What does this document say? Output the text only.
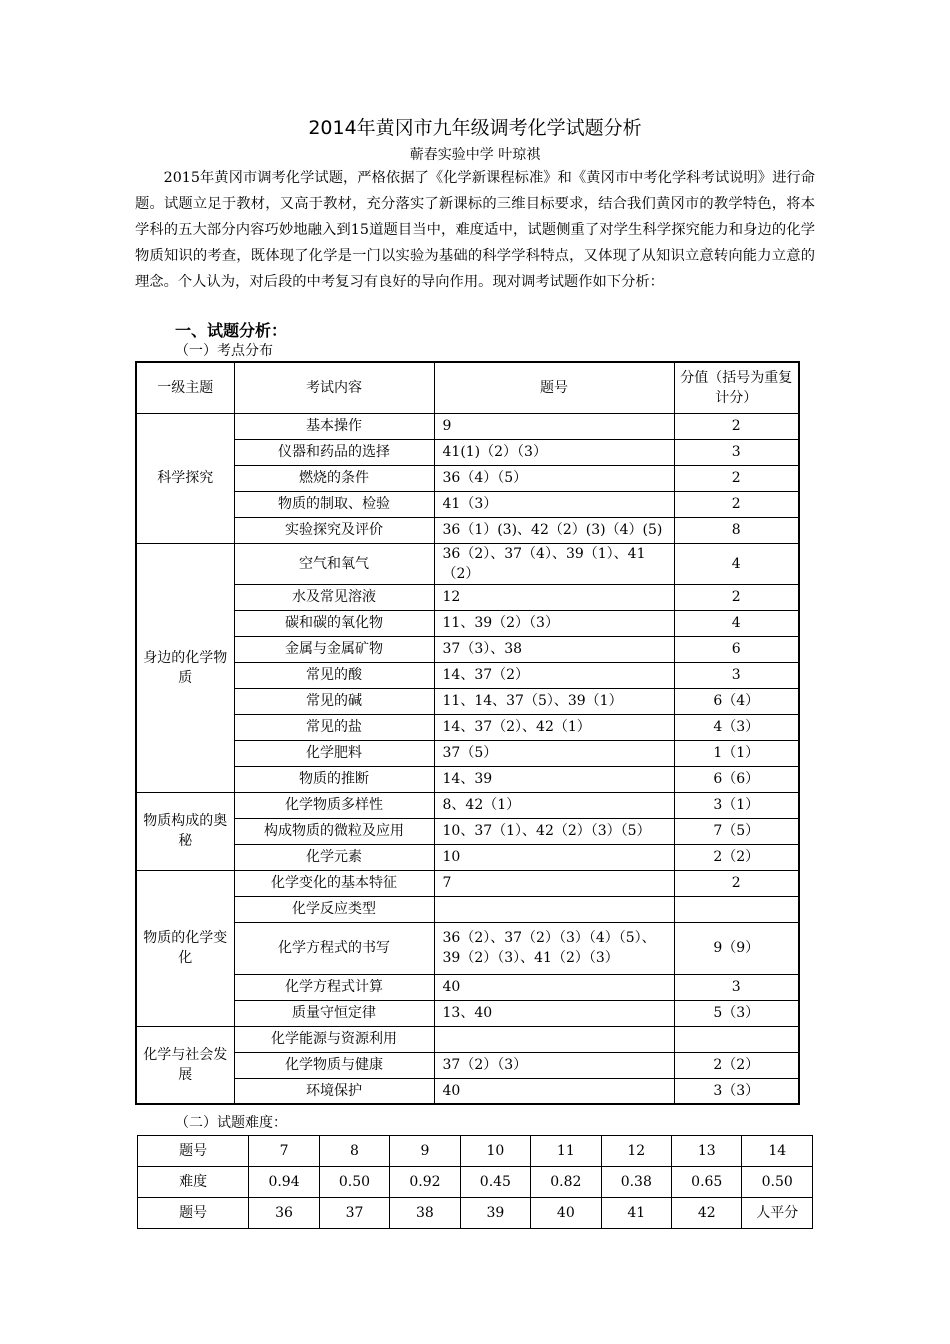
2014年黄冈市九年级调考化学试题分析
蕲春实验中学 叶琼祺
2015年黄冈市调考化学试题，严格依据了《化学新课程标准》和《黄冈市中考化学科考试说明》进行命题。试题立足于教材，又高于教材，充分落实了新课标的三维目标要求，结合我们黄冈市的教学特色，将本学科的五大部分内容巧妙地融入到15道题目当中，难度适中，试题侧重了对学生科学探究能力和身边的化学物质知识的考查，既体现了化学是一门以实验为基础的科学学科特点，又体现了从知识立意转向能力立意的理念。个人认为，对后段的中考复习有良好的导向作用。现对调考试题作如下分析：
一、试题分析：
（一）考点分布
一级主题	考试内容	题号	分值（括号为重复计分）
科学探究	基本操作	9	2
	仪器和药品的选择	41(1)（2）（3）	3
	燃烧的条件	36（4）（5）	2
	物质的制取、检验	41（3）	2
	实验探究及评价	36（1）(3)、42（2）(3)（4）(5)	8
身边的化学物质	空气和氧气	36（2）、37（4）、39（1）、41（2）	4
	水及常见溶液	12	2
	碳和碳的氧化物	11、39（2）（3）	4
	金属与金属矿物	37（3）、38	6
	常见的酸	14、37（2）	3
	常见的碱	11、14、37（5）、39（1）	6（4）
	常见的盐	14、37（2）、42（1）	4（3）
	化学肥料	37（5）	1（1）
	物质的推断	14、39	6（6）
物质构成的奥秘	化学物质多样性	8、42（1）	3（1）
	构成物质的微粒及应用	10、37（1）、42（2）（3）（5）	7（5）
	化学元素	10	2（2）
物质的化学变化	化学变化的基本特征	7	2
	化学反应类型		
	化学方程式的书写	36（2）、37（2）（3）（4）（5）、39（2）（3）、41（2）（3）	9（9）
	化学方程式计算	40	3
	质量守恒定律	13、40	5（3）
化学与社会发展	化学能源与资源利用		
	化学物质与健康	37（2）（3）	2（2）
	环境保护	40	3（3）
（二）试题难度：
题号	7	8	9	10	11	12	13	14
难度	0.94	0.50	0.92	0.45	0.82	0.38	0.65	0.50
题号	36	37	38	39	40	41	42	人平分
